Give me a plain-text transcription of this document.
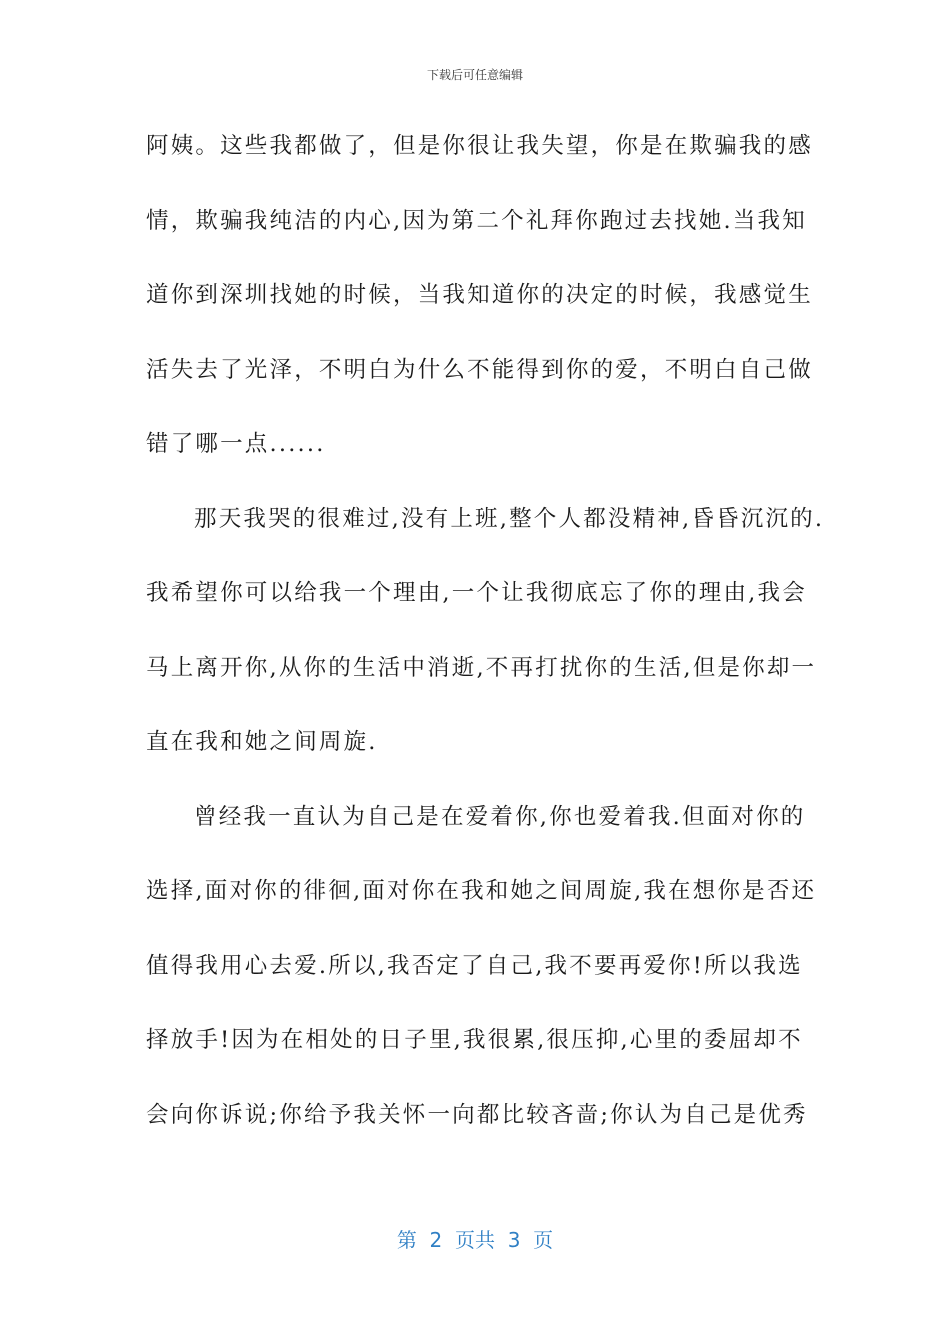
下载后可任意编辑
阿姨。这些我都做了，但是你很让我失望，你是在欺骗我的感
情，欺骗我纯洁的内心,因为第二个礼拜你跑过去找她.当我知
道你到深圳找她的时候，当我知道你的决定的时候，我感觉生
活失去了光泽，不明白为什么不能得到你的爱，不明白自己做
错了哪一点......
那天我哭的很难过,没有上班,整个人都没精神,昏昏沉沉的.
我希望你可以给我一个理由,一个让我彻底忘了你的理由,我会
马上离开你,从你的生活中消逝,不再打扰你的生活,但是你却一
直在我和她之间周旋.
曾经我一直认为自己是在爱着你,你也爱着我.但面对你的
选择,面对你的徘徊,面对你在我和她之间周旋,我在想你是否还
值得我用心去爱.所以,我否定了自己,我不要再爱你!所以我选
择放手!因为在相处的日子里,我很累,很压抑,心里的委屈却不
会向你诉说;你给予我关怀一向都比较吝啬;你认为自己是优秀
第  2  页共  3  页
